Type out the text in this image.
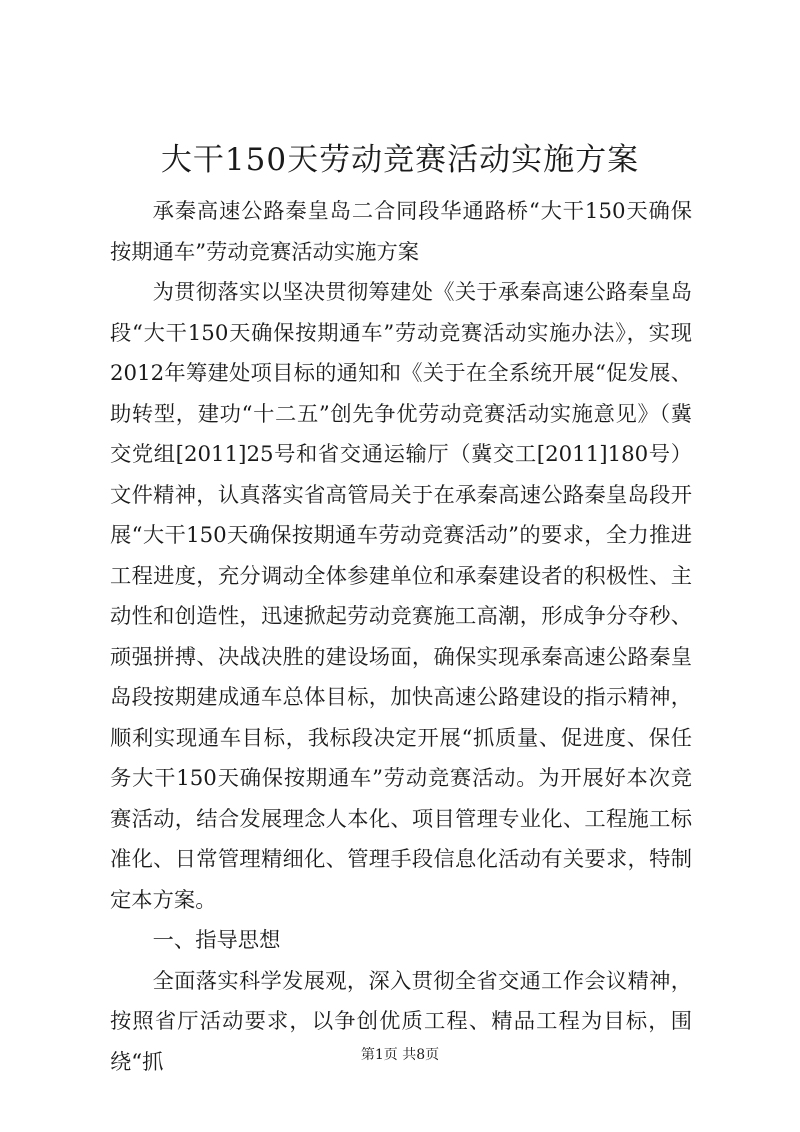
大干150天劳动竞赛活动实施方案

承秦高速公路秦皇岛二合同段华通路桥“大干150天确保按期通车”劳动竞赛活动实施方案

为贯彻落实以坚决贯彻筹建处《关于承秦高速公路秦皇岛段“大干150天确保按期通车”劳动竞赛活动实施办法》，实现2012年筹建处项目标的通知和《关于在全系统开展“促发展、助转型，建功“十二五”创先争优劳动竞赛活动实施意见》（冀交党组[2011]25号和省交通运输厅（冀交工[2011]180号）文件精神，认真落实省高管局关于在承秦高速公路秦皇岛段开展“大干150天确保按期通车劳动竞赛活动”的要求，全力推进工程进度，充分调动全体参建单位和承秦建设者的积极性、主动性和创造性，迅速掀起劳动竞赛施工高潮，形成争分夺秒、顽强拼搏、决战决胜的建设场面，确保实现承秦高速公路秦皇岛段按期建成通车总体目标，加快高速公路建设的指示精神，顺利实现通车目标，我标段决定开展“抓质量、促进度、保任务大干150天确保按期通车”劳动竞赛活动。为开展好本次竞赛活动，结合发展理念人本化、项目管理专业化、工程施工标准化、日常管理精细化、管理手段信息化活动有关要求，特制定本方案。

一、指导思想

全面落实科学发展观，深入贯彻全省交通工作会议精神，按照省厅活动要求，以争创优质工程、精品工程为目标，围绕“抓	第1页 共8页
